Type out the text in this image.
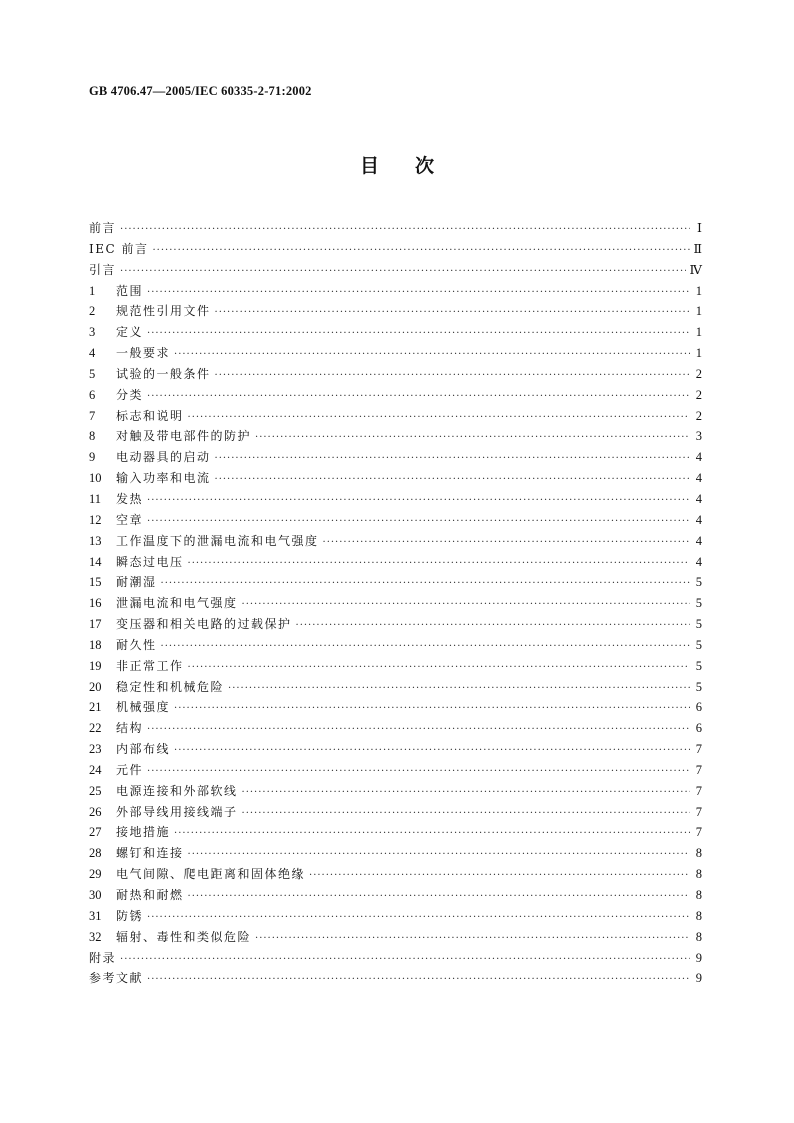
GB 4706.47—2005/IEC 60335-2-71:2002
目次
前言 ·····	Ⅰ
IEC 前言 ·····	Ⅱ
引言 ·····	Ⅳ
1	范围 ·····	1
2	规范性引用文件 ·····	1
3	定义 ·····	1
4	一般要求 ·····	1
5	试验的一般条件 ·····	2
6	分类 ·····	2
7	标志和说明 ·····	2
8	对触及带电部件的防护 ·····	3
9	电动器具的启动 ·····	4
10	输入功率和电流 ·····	4
11	发热 ·····	4
12	空章 ·····	4
13	工作温度下的泄漏电流和电气强度 ·····	4
14	瞬态过电压 ·····	4
15	耐潮湿 ·····	5
16	泄漏电流和电气强度 ·····	5
17	变压器和相关电路的过载保护 ·····	5
18	耐久性 ·····	5
19	非正常工作 ·····	5
20	稳定性和机械危险 ·····	5
21	机械强度 ·····	6
22	结构 ·····	6
23	内部布线 ·····	7
24	元件 ·····	7
25	电源连接和外部软线 ·····	7
26	外部导线用接线端子 ·····	7
27	接地措施 ·····	7
28	螺钉和连接 ·····	8
29	电气间隙、爬电距离和固体绝缘 ·····	8
30	耐热和耐燃 ·····	8
31	防锈 ·····	8
32	辐射、毒性和类似危险 ·····	8
附录 ·····	9
参考文献 ·····	9
